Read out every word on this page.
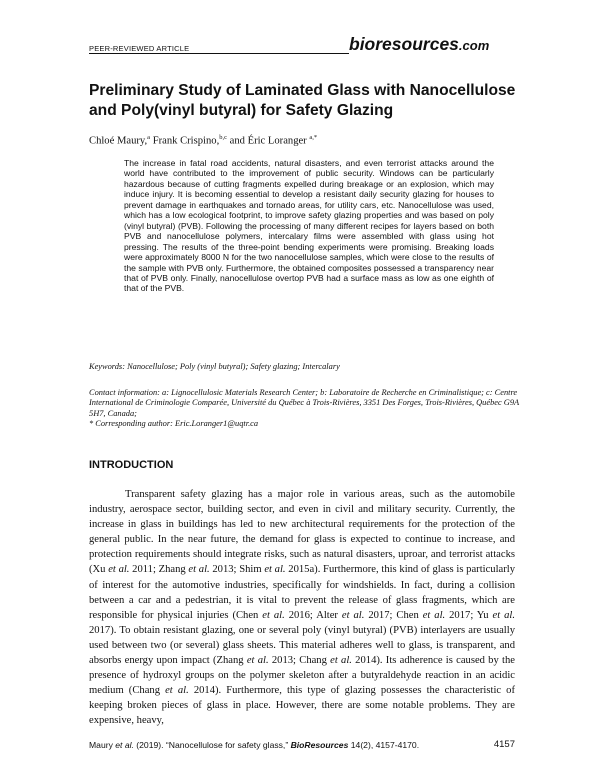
PEER-REVIEWED ARTICLE	bioresources.com
Preliminary Study of Laminated Glass with Nanocellulose and Poly(vinyl butyral) for Safety Glazing
Chloé Maury,$^a$ Frank Crispino,$^{b,c}$ and Éric Loranger $^{a,*}$

The increase in fatal road accidents, natural disasters, and even terrorist attacks around the world have contributed to the improvement of public security. Windows can be particularly hazardous because of cutting fragments expelled during breakage or an explosion, which may induce injury. It is becoming essential to develop a resistant daily security glazing for houses to prevent damage in earthquakes and tornado areas, for utility cars, etc. Nanocellulose was used, which has a low ecological footprint, to improve safety glazing properties and was based on poly (vinyl butyral) (PVB). Following the processing of many different recipes for layers based on both PVB and nanocellulose polymers, intercalary films were assembled with glass using hot pressing. The results of the three-point bending experiments were promising. Breaking loads were approximately 8000 N for the two nanocellulose samples, which were close to the results of the sample with PVB only. Furthermore, the obtained composites possessed a transparency near that of PVB only. Finally, nanocellulose overtop PVB had a surface mass as low as one eighth of that of the PVB.

Keywords: Nanocellulose; Poly (vinyl butyral); Safety glazing; Intercalary

Contact information: a: Lignocellulosic Materials Research Center; b: Laboratoire de Recherche en Criminalistique; c: Centre International de Criminologie Comparée, Université du Québec à Trois-Rivières, 3351 Des Forges, Trois-Rivières, Québec G9A 5H7, Canada;
* Corresponding author: Eric.Loranger1@uqtr.ca
INTRODUCTION

Transparent safety glazing has a major role in various areas, such as the automobile industry, aerospace sector, building sector, and even in civil and military security. Currently, the increase in glass in buildings has led to new architectural requirements for the protection of the general public. In the near future, the demand for glass is expected to continue to increase, and protection requirements should integrate risks, such as natural disasters, uproar, and terrorist attacks (Xu et al. 2011; Zhang et al. 2013; Shim et al. 2015a). Furthermore, this kind of glass is particularly of interest for the automotive industries, specifically for windshields. In fact, during a collision between a car and a pedestrian, it is vital to prevent the release of glass fragments, which are responsible for physical injuries (Chen et al. 2016; Alter et al. 2017; Chen et al. 2017; Yu et al. 2017). To obtain resistant glazing, one or several poly (vinyl butyral) (PVB) interlayers are usually used between two (or several) glass sheets. This material adheres well to glass, is transparent, and absorbs energy upon impact (Zhang et al. 2013; Chang et al. 2014). Its adherence is caused by the presence of hydroxyl groups on the polymer skeleton after a butyraldehyde reaction in an acidic medium (Chang et al. 2014). Furthermore, this type of glazing possesses the characteristic of keeping broken pieces of glass in place. However, there are some notable problems. They are expensive, heavy,

Maury et al. (2019). “Nanocellulose for safety glass,” BioResources 14(2), 4157-4170.	4157
